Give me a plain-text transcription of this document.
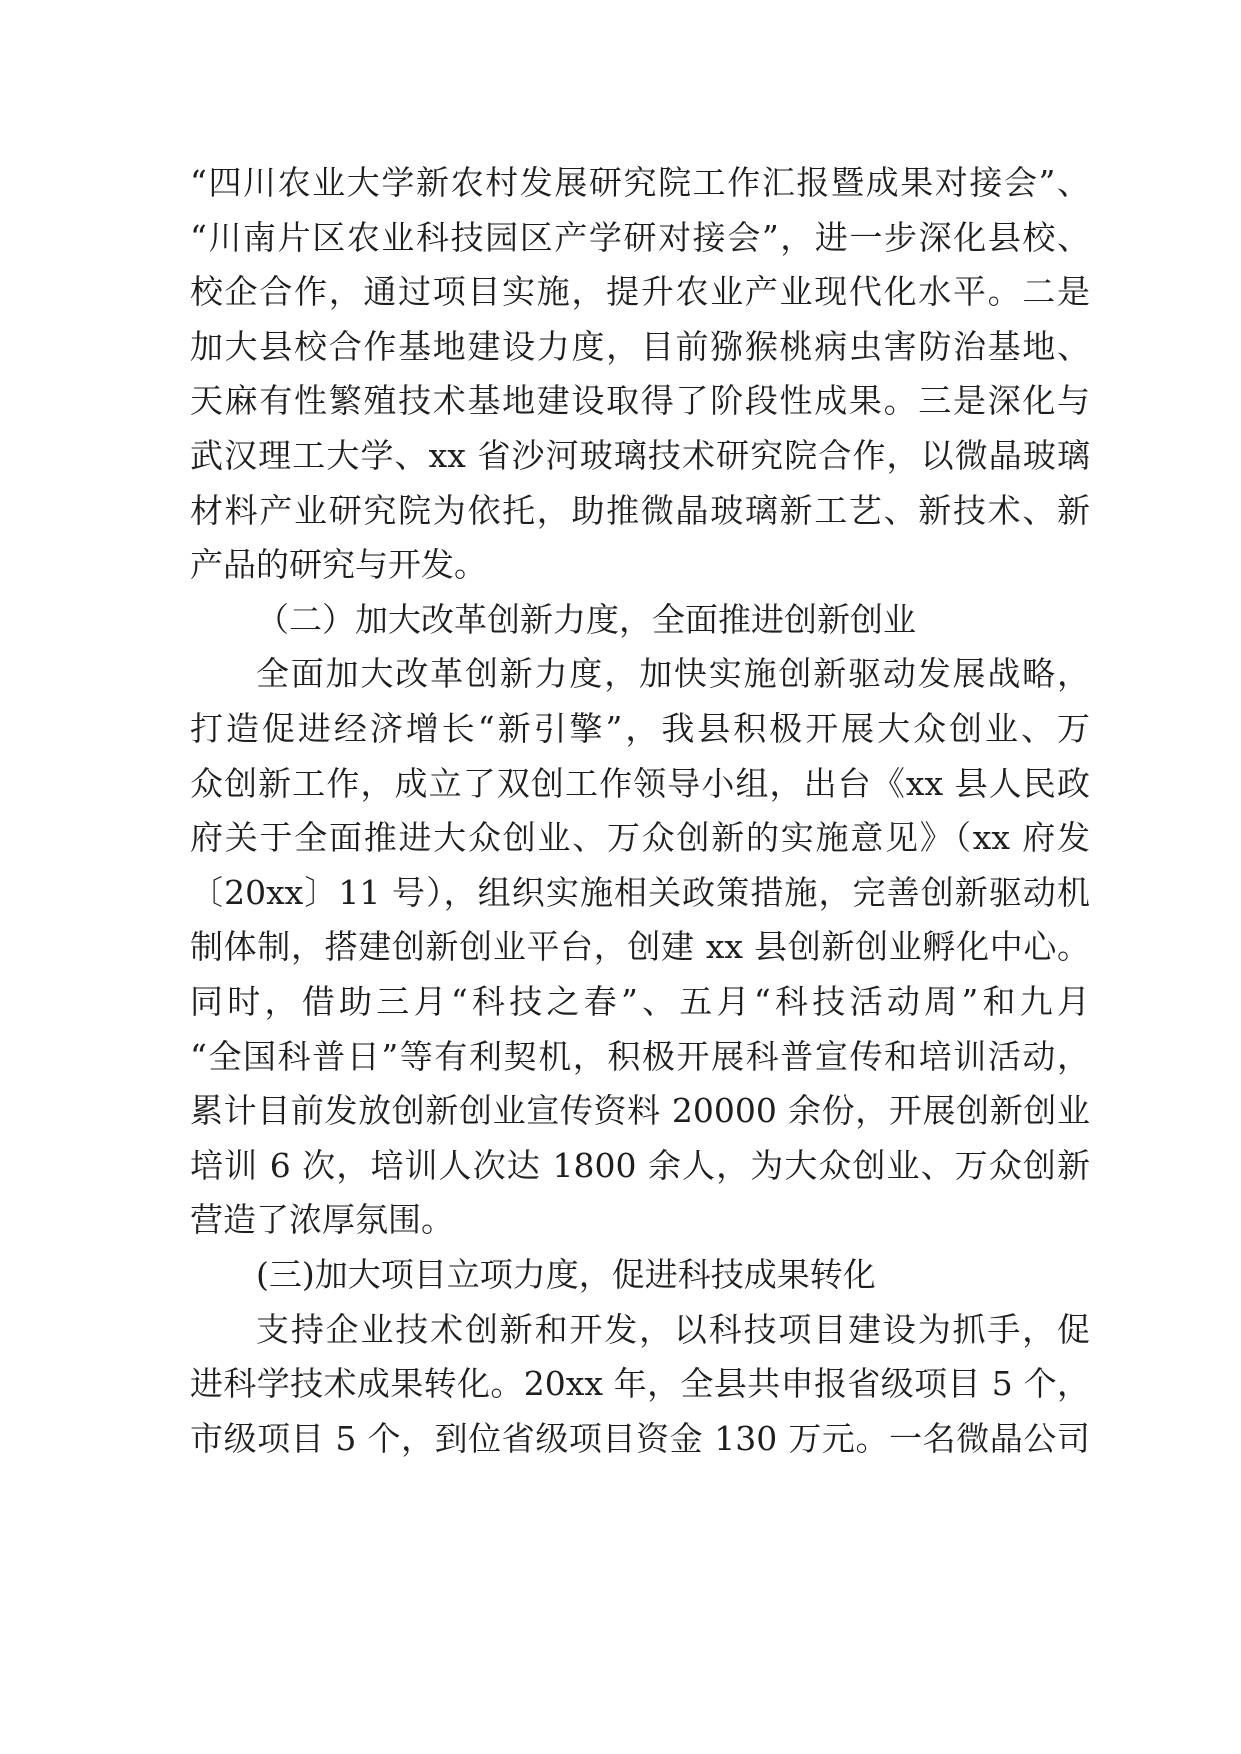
“四川农业大学新农村发展研究院工作汇报暨成果对接会”、
“川南片区农业科技园区产学研对接会”，进一步深化县校、
校企合作，通过项目实施，提升农业产业现代化水平。二是
加大县校合作基地建设力度，目前猕猴桃病虫害防治基地、
天麻有性繁殖技术基地建设取得了阶段性成果。三是深化与
武汉理工大学、xx 省沙河玻璃技术研究院合作，以微晶玻璃
材料产业研究院为依托，助推微晶玻璃新工艺、新技术、新
产品的研究与开发。
（二）加大改革创新力度，全面推进创新创业
全面加大改革创新力度，加快实施创新驱动发展战略，
打造促进经济增长“新引擎”，我县积极开展大众创业、万
众创新工作，成立了双创工作领导小组，出台《xx 县人民政
府关于全面推进大众创业、万众创新的实施意见》（xx 府发
〔20xx〕11 号），组织实施相关政策措施，完善创新驱动机
制体制，搭建创新创业平台，创建 xx 县创新创业孵化中心。
同时，借助三月“科技之春”、五月“科技活动周”和九月
“全国科普日”等有利契机，积极开展科普宣传和培训活动，
累计目前发放创新创业宣传资料 20000 余份，开展创新创业
培训 6 次，培训人次达 1800 余人，为大众创业、万众创新
营造了浓厚氛围。
(三)加大项目立项力度，促进科技成果转化
支持企业技术创新和开发，以科技项目建设为抓手，促
进科学技术成果转化。20xx 年，全县共申报省级项目 5 个，
市级项目 5 个，到位省级项目资金 130 万元。一名微晶公司
